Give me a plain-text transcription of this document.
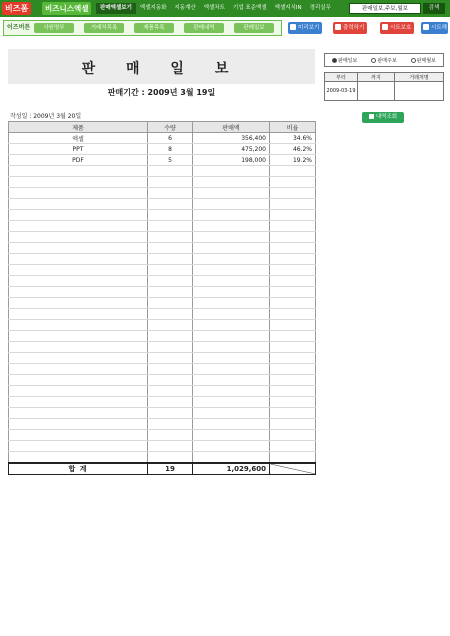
비즈폼	비즈니스엑셀	판매엑셀보기	엑셀지동화	지동계산	엑셀차트	기업 표준엑셀	엑셀지식IN	경리실무	판매일보,주보,월보	검색
이즈버튼	사원명부	거래처목록	제품목록	판매내역	판매일보	미리보기	출력하기	시트보호	시트해
판 매 일 보
판매기간 : 2009년 3월 19일
판매일보	판매주보	판매월보
부터	까지	거래처명
2009-03-19		
내역조회
작성일 : 2009년 3월 20일
제품	수량	판매액	비율
엑셀	6	356,400	34.6%
PPT	8	475,200	46.2%
PDF	5	198,000	19.2%

합 계	19	1,029,600	
